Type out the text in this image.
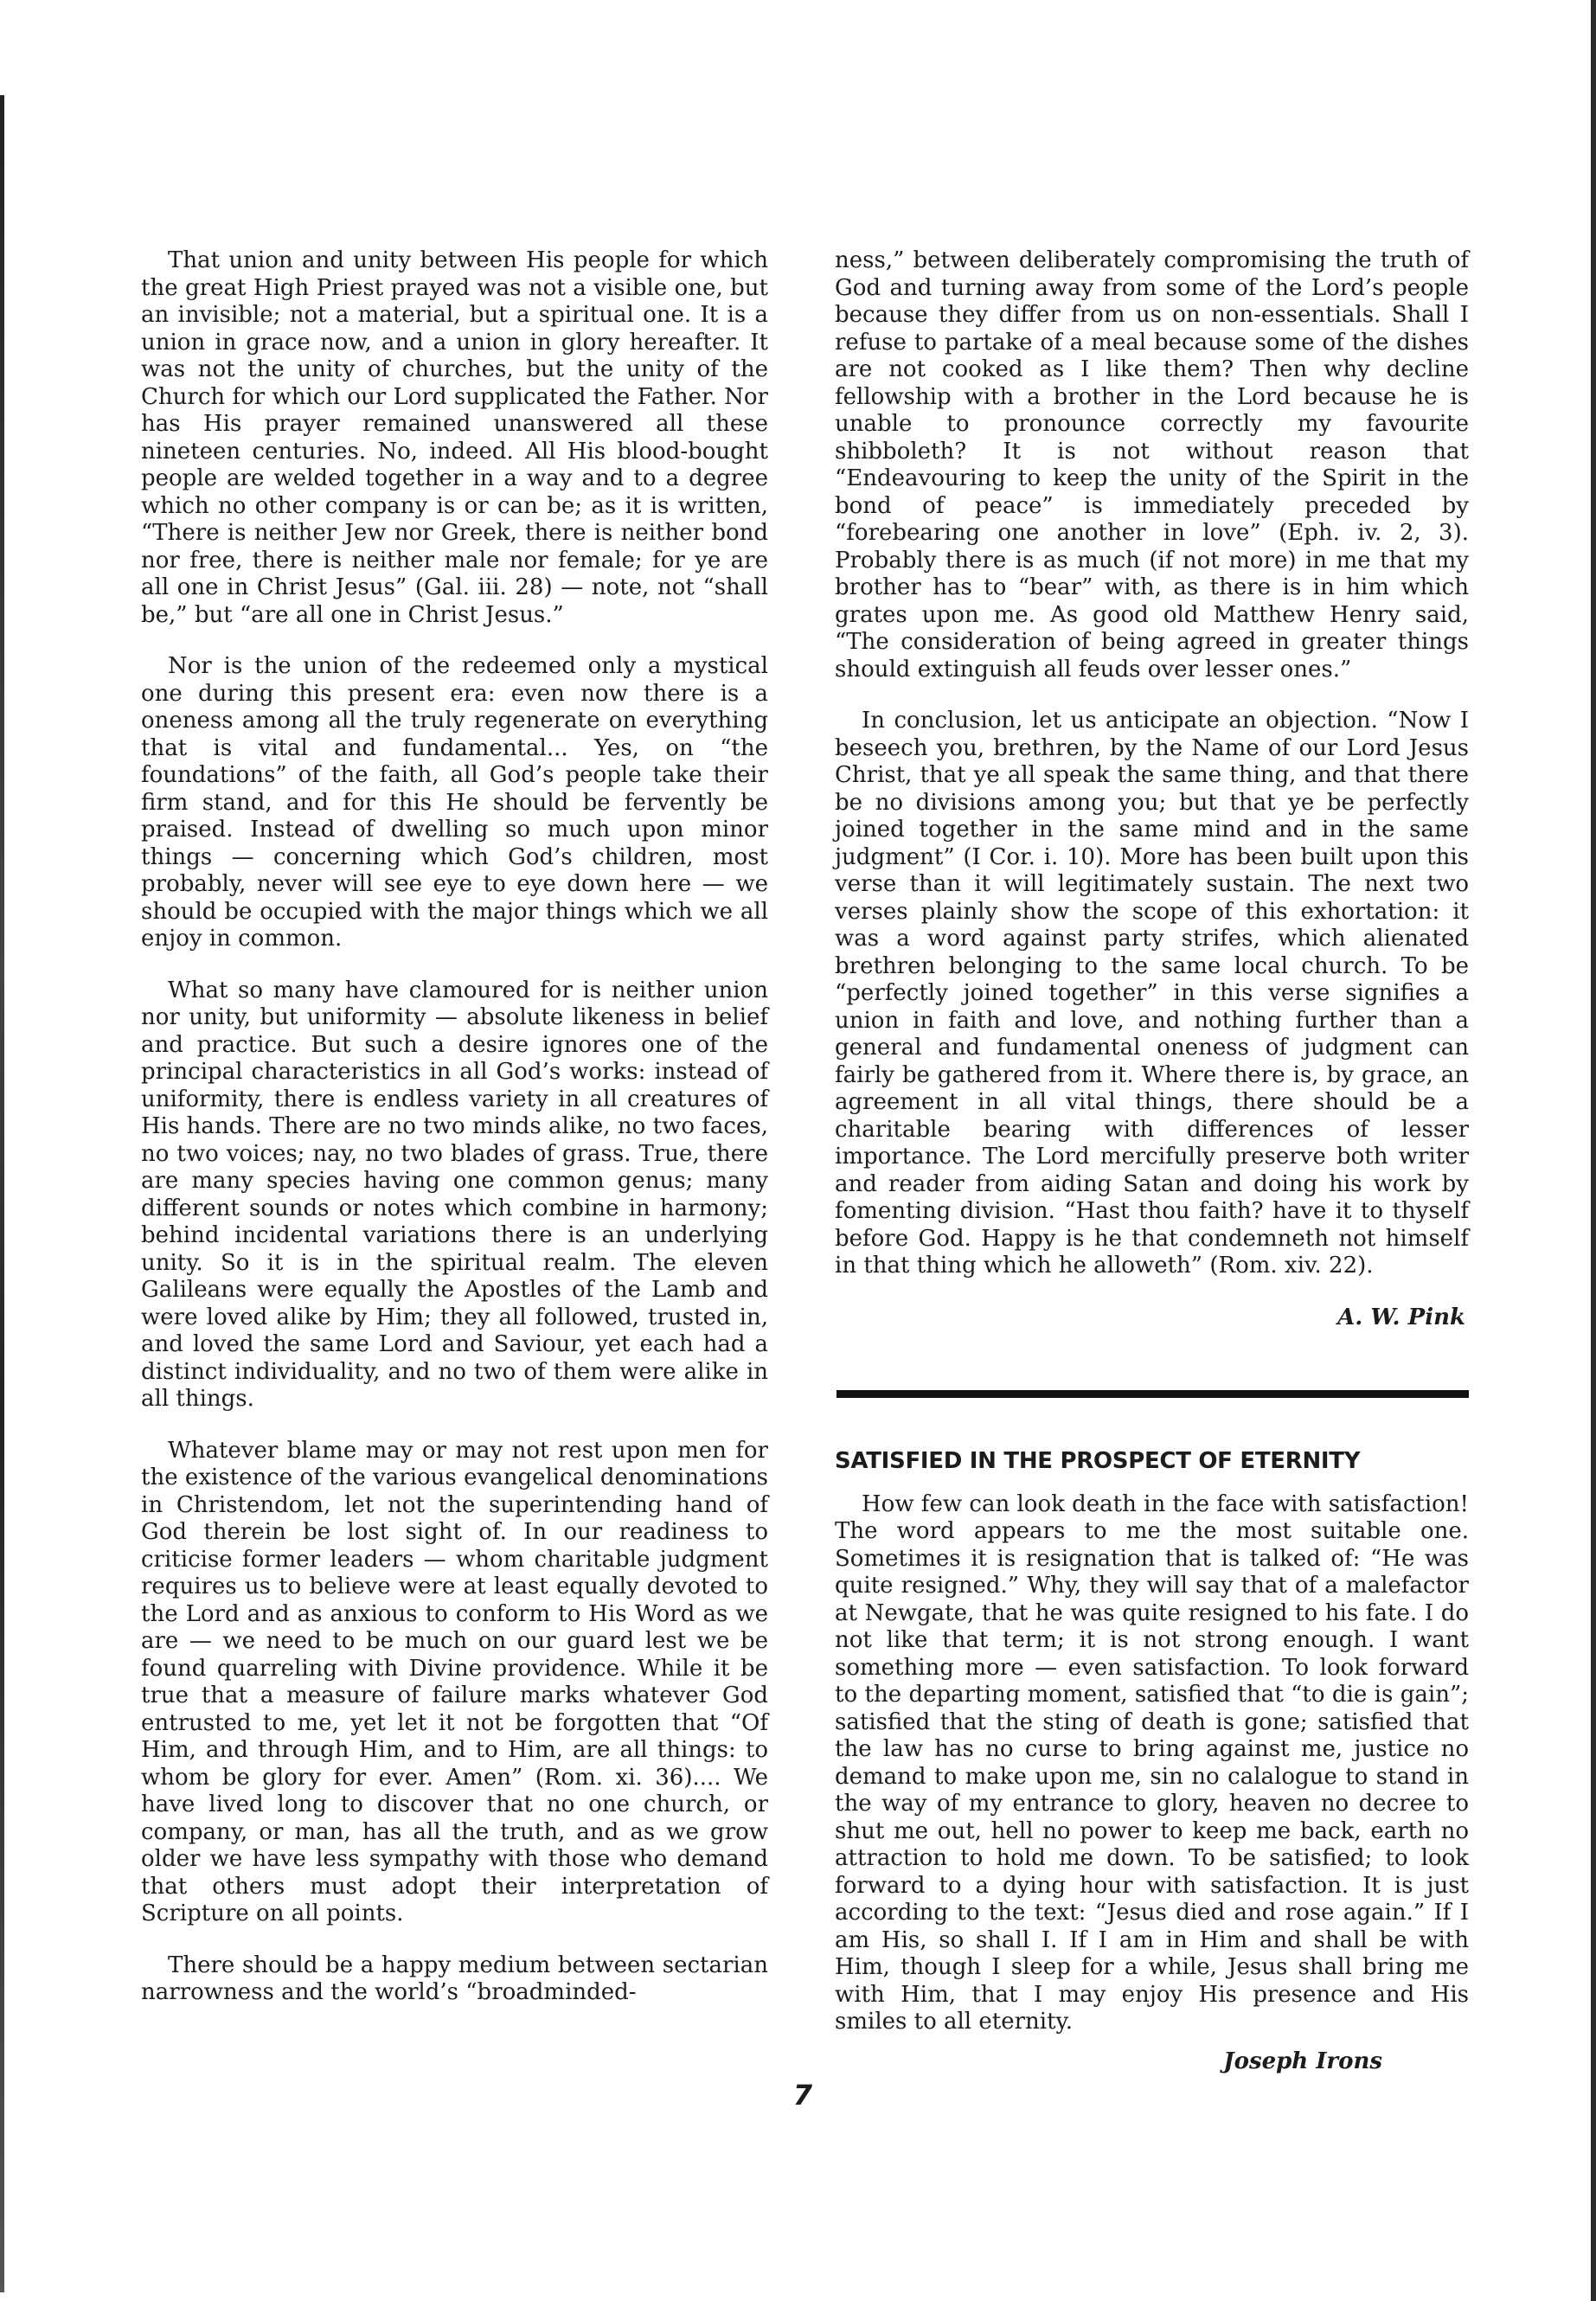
That union and unity between His people for which the great High Priest prayed was not a visible one, but an invisible; not a material, but a spiritual one. It is a union in grace now, and a union in glory hereafter. It was not the unity of churches, but the unity of the Church for which our Lord supplicated the Father. Nor has His prayer remained unanswered all these nineteen centuries. No, indeed. All His blood-bought people are welded together in a way and to a degree which no other company is or can be; as it is written, “There is neither Jew nor Greek, there is neither bond nor free, there is neither male nor female; for ye are all one in Christ Jesus” (Gal. iii. 28) — note, not “shall be,” but “are all one in Christ Jesus.”

Nor is the union of the redeemed only a mystical one during this present era: even now there is a oneness among all the truly regenerate on everything that is vital and fundamental... Yes, on “the foundations” of the faith, all God’s people take their firm stand, and for this He should be fervently be praised. Instead of dwelling so much upon minor things — concerning which God’s children, most probably, never will see eye to eye down here — we should be occupied with the major things which we all enjoy in common.

What so many have clamoured for is neither union nor unity, but uniformity — absolute likeness in belief and practice. But such a desire ignores one of the principal characteristics in all God’s works: instead of uniformity, there is endless variety in all creatures of His hands. There are no two minds alike, no two faces, no two voices; nay, no two blades of grass. True, there are many species having one common genus; many different sounds or notes which combine in harmony; behind incidental variations there is an underlying unity. So it is in the spiritual realm. The eleven Galileans were equally the Apostles of the Lamb and were loved alike by Him; they all followed, trusted in, and loved the same Lord and Saviour, yet each had a distinct individuality, and no two of them were alike in all things.

Whatever blame may or may not rest upon men for the existence of the various evangelical denominations in Christendom, let not the superintending hand of God therein be lost sight of. In our readiness to criticise former leaders — whom charitable judgment requires us to believe were at least equally devoted to the Lord and as anxious to conform to His Word as we are — we need to be much on our guard lest we be found quarreling with Divine providence. While it be true that a measure of failure marks whatever God entrusted to me, yet let it not be forgotten that “Of Him, and through Him, and to Him, are all things: to whom be glory for ever. Amen” (Rom. xi. 36).... We have lived long to discover that no one church, or company, or man, has all the truth, and as we grow older we have less sympathy with those who demand that others must adopt their interpretation of Scripture on all points.

There should be a happy medium between sectarian narrowness and the world’s “broadminded-

ness,” between deliberately compromising the truth of God and turning away from some of the Lord’s people because they differ from us on non-essentials. Shall I refuse to partake of a meal because some of the dishes are not cooked as I like them? Then why decline fellowship with a brother in the Lord because he is unable to pronounce correctly my favourite shibboleth? It is not without reason that “Endeavouring to keep the unity of the Spirit in the bond of peace” is immediately preceded by “forebearing one another in love” (Eph. iv. 2, 3). Probably there is as much (if not more) in me that my brother has to “bear” with, as there is in him which grates upon me. As good old Matthew Henry said, “The consideration of being agreed in greater things should extinguish all feuds over lesser ones.”

In conclusion, let us anticipate an objection. “Now I beseech you, brethren, by the Name of our Lord Jesus Christ, that ye all speak the same thing, and that there be no divisions among you; but that ye be perfectly joined together in the same mind and in the same judgment” (I Cor. i. 10). More has been built upon this verse than it will legitimately sustain. The next two verses plainly show the scope of this exhortation: it was a word against party strifes, which alienated brethren belonging to the same local church. To be “perfectly joined together” in this verse signifies a union in faith and love, and nothing further than a general and fundamental oneness of judgment can fairly be gathered from it. Where there is, by grace, an agreement in all vital things, there should be a charitable bearing with differences of lesser importance. The Lord mercifully preserve both writer and reader from aiding Satan and doing his work by fomenting division. “Hast thou faith? have it to thyself before God. Happy is he that condemneth not himself in that thing which he alloweth” (Rom. xiv. 22).

A. W. Pink

SATISFIED IN THE PROSPECT OF ETERNITY

How few can look death in the face with satisfaction! The word appears to me the most suitable one. Sometimes it is resignation that is talked of: “He was quite resigned.” Why, they will say that of a malefactor at Newgate, that he was quite resigned to his fate. I do not like that term; it is not strong enough. I want something more — even satisfaction. To look forward to the departing moment, satisfied that “to die is gain”; satisfied that the sting of death is gone; satisfied that the law has no curse to bring against me, justice no demand to make upon me, sin no calalogue to stand in the way of my entrance to glory, heaven no decree to shut me out, hell no power to keep me back, earth no attraction to hold me down. To be satisfied; to look forward to a dying hour with satisfaction. It is just according to the text: “Jesus died and rose again.” If I am His, so shall I. If I am in Him and shall be with Him, though I sleep for a while, Jesus shall bring me with Him, that I may enjoy His presence and His smiles to all eternity.

Joseph Irons

7
